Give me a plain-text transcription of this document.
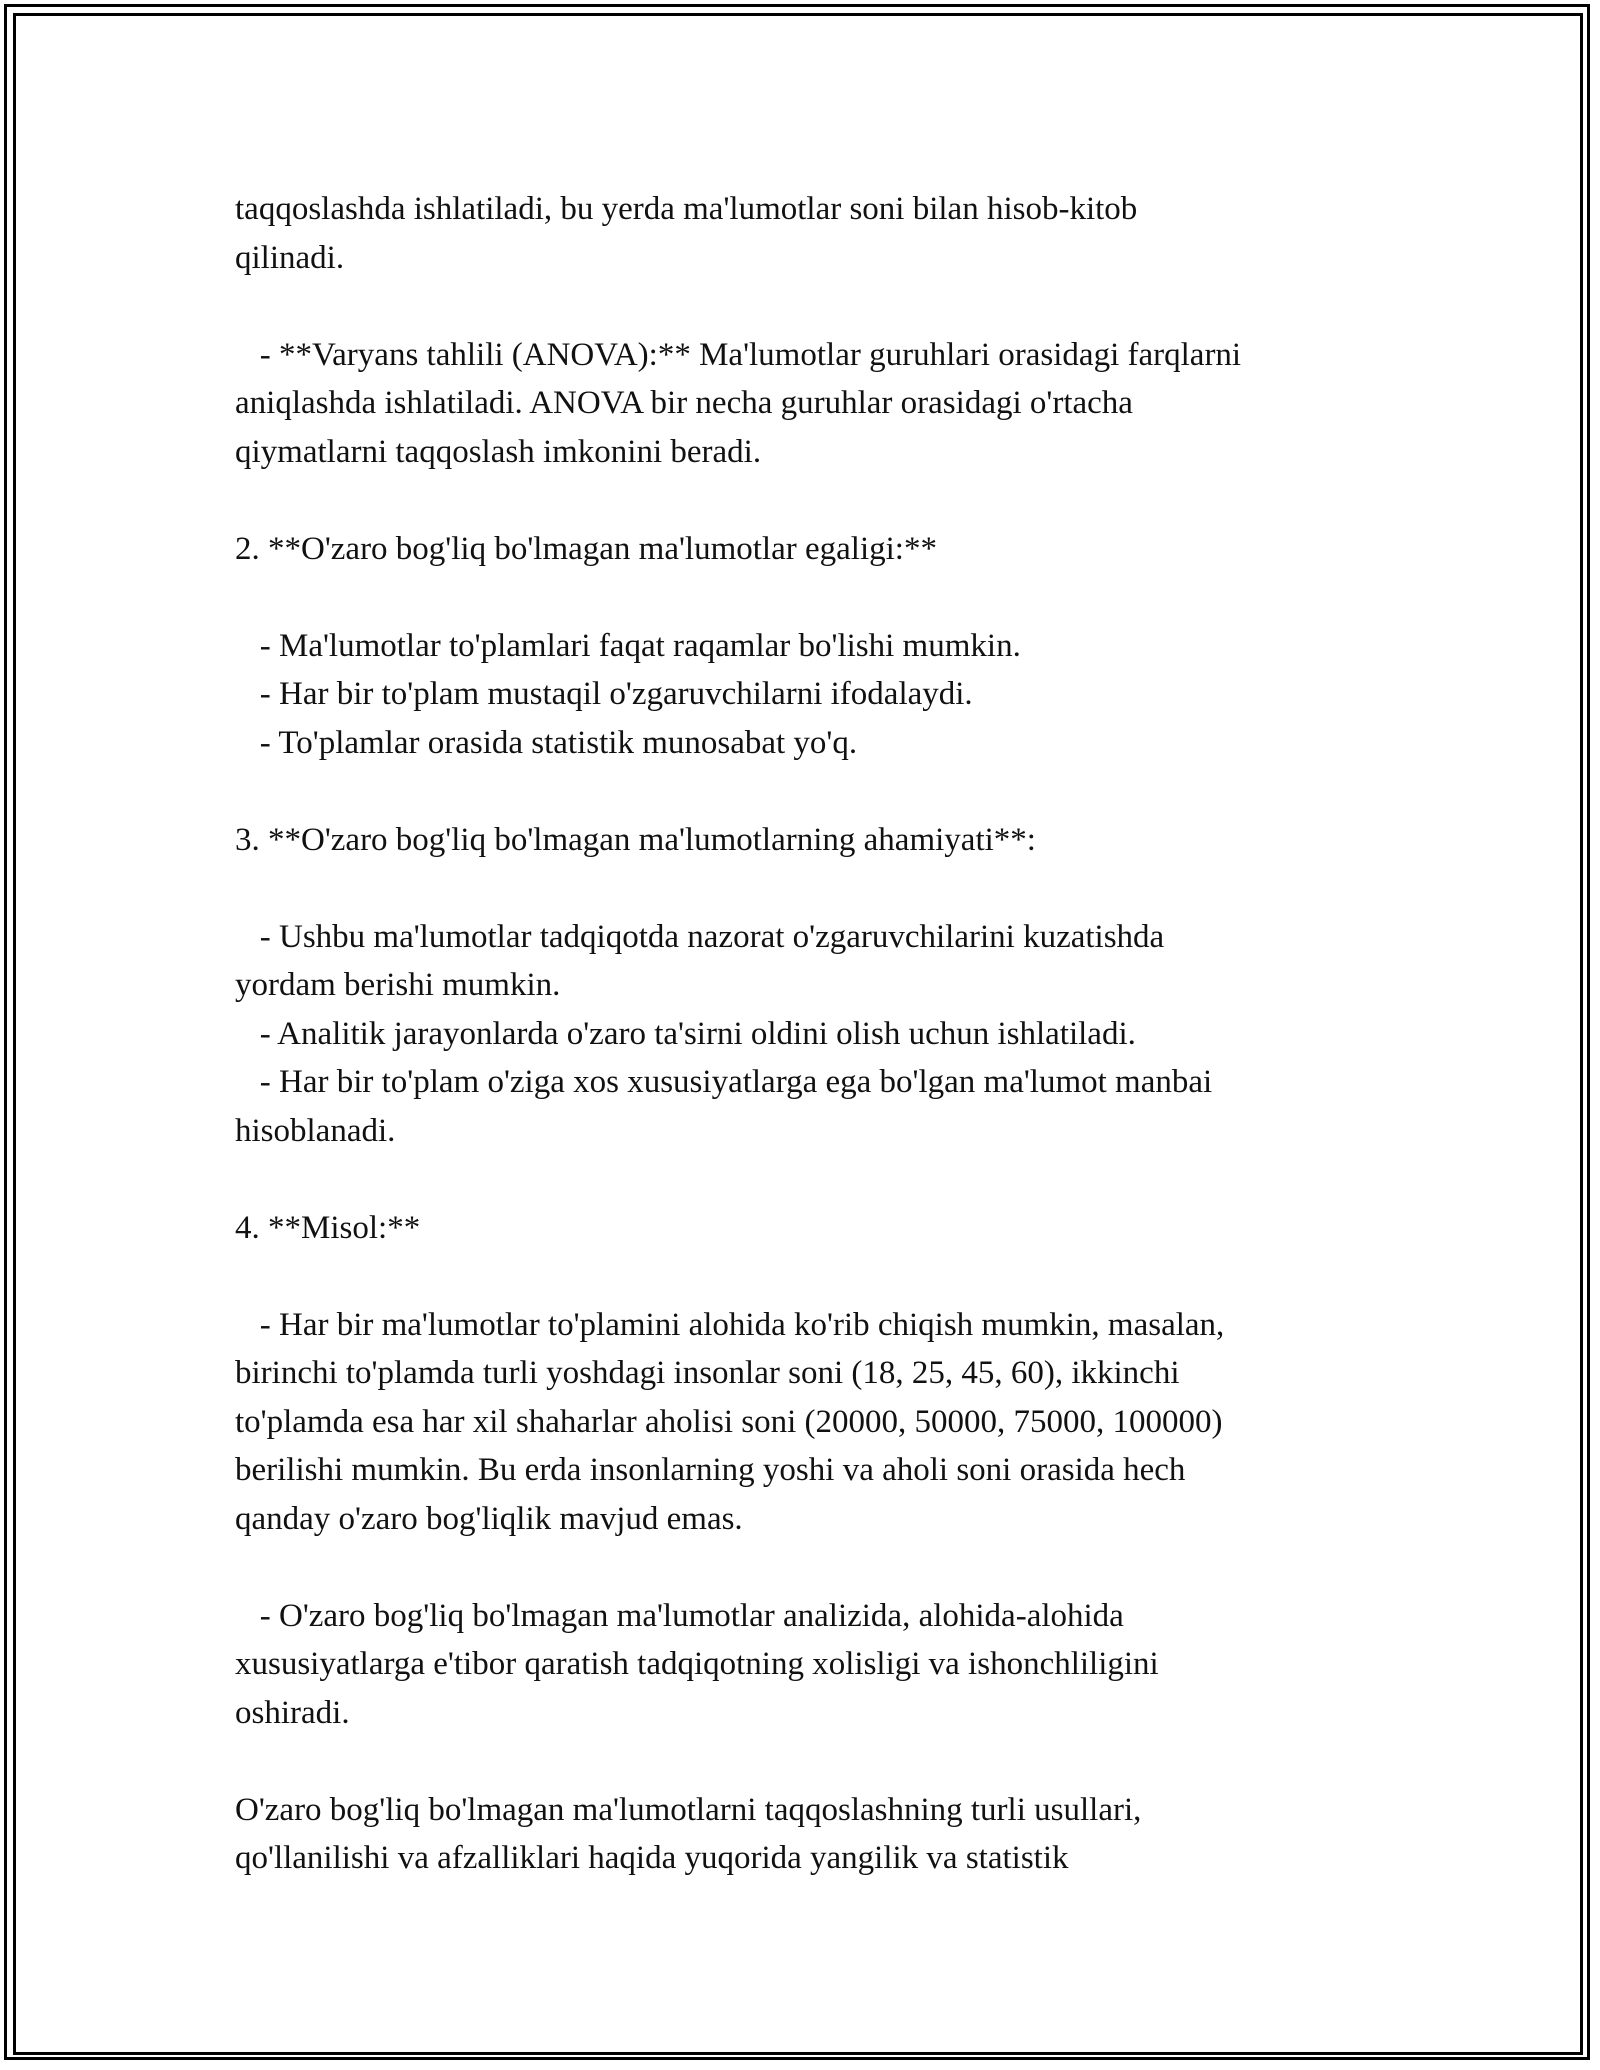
taqqoslashda ishlatiladi, bu yerda ma'lumotlar soni bilan hisob-kitob
qilinadi.

- **Varyans tahlili (ANOVA):** Ma'lumotlar guruhlari orasidagi farqlarni
aniqlashda ishlatiladi. ANOVA bir necha guruhlar orasidagi o'rtacha
qiymatlarni taqqoslash imkonini beradi.

2. **O'zaro bog'liq bo'lmagan ma'lumotlar egaligi:**

- Ma'lumotlar to'plamlari faqat raqamlar bo'lishi mumkin.
- Har bir to'plam mustaqil o'zgaruvchilarni ifodalaydi.
- To'plamlar orasida statistik munosabat yo'q.

3. **O'zaro bog'liq bo'lmagan ma'lumotlarning ahamiyati**:

- Ushbu ma'lumotlar tadqiqotda nazorat o'zgaruvchilarini kuzatishda
yordam berishi mumkin.
- Analitik jarayonlarda o'zaro ta'sirni oldini olish uchun ishlatiladi.
- Har bir to'plam o'ziga xos xususiyatlarga ega bo'lgan ma'lumot manbai
hisoblanadi.

4. **Misol:**

- Har bir ma'lumotlar to'plamini alohida ko'rib chiqish mumkin, masalan,
birinchi to'plamda turli yoshdagi insonlar soni (18, 25, 45, 60), ikkinchi
to'plamda esa har xil shaharlar aholisi soni (20000, 50000, 75000, 100000)
berilishi mumkin. Bu erda insonlarning yoshi va aholi soni orasida hech
qanday o'zaro bog'liqlik mavjud emas.

- O'zaro bog'liq bo'lmagan ma'lumotlar analizida, alohida-alohida
xususiyatlarga e'tibor qaratish tadqiqotning xolisligi va ishonchliligini
oshiradi.

O'zaro bog'liq bo'lmagan ma'lumotlarni taqqoslashning turli usullari,
qo'llanilishi va afzalliklari haqida yuqorida yangilik va statistik
